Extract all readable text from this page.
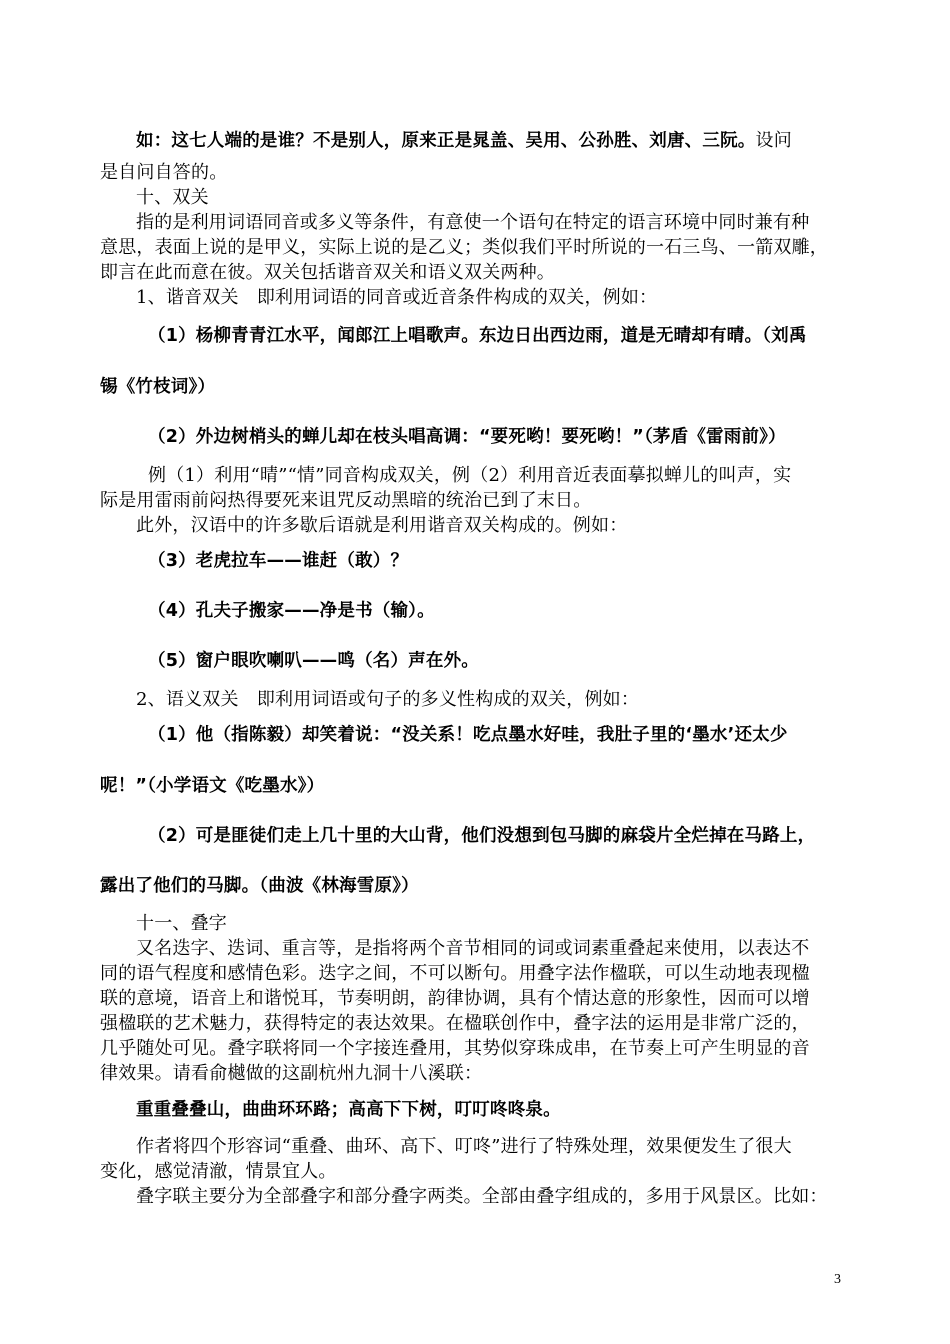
如：这七人端的是谁？不是别人，原来正是晁盖、吴用、公孙胜、刘唐、三阮。设问
是自问自答的。
十、双关
指的是利用词语同音或多义等条件，有意使一个语句在特定的语言环境中同时兼有种
意思，表面上说的是甲义，实际上说的是乙义；类似我们平时所说的一石三鸟、一箭双雕，
即言在此而意在彼。双关包括谐音双关和语义双关两种。
1、谐音双关　即利用词语的同音或近音条件构成的双关，例如：
（1）杨柳青青江水平，闻郎江上唱歌声。东边日出西边雨，道是无晴却有晴。（刘禹
锡《竹枝词》）
（2）外边树梢头的蝉儿却在枝头唱高调：“要死哟！要死哟！”（茅盾《雷雨前》）
例（1）利用“晴”“情”同音构成双关，例（2）利用音近表面摹拟蝉儿的叫声，实
际是用雷雨前闷热得要死来诅咒反动黑暗的统治已到了末日。
此外，汉语中的许多歇后语就是利用谐音双关构成的。例如：
（3）老虎拉车——谁赶（敢）？
（4）孔夫子搬家——净是书（输）。
（5）窗户眼吹喇叭——鸣（名）声在外。
2、语义双关　即利用词语或句子的多义性构成的双关，例如：
（1）他（指陈毅）却笑着说：“没关系！吃点墨水好哇，我肚子里的‘墨水’还太少
呢！”（小学语文《吃墨水》）
（2）可是匪徒们走上几十里的大山背，他们没想到包马脚的麻袋片全烂掉在马路上，
露出了他们的马脚。（曲波《林海雪原》）
十一、叠字
又名迭字、迭词、重言等，是指将两个音节相同的词或词素重叠起来使用，以表达不
同的语气程度和感情色彩。迭字之间，不可以断句。用叠字法作楹联，可以生动地表现楹
联的意境，语音上和谐悦耳，节奏明朗，韵律协调，具有个情达意的形象性，因而可以增
强楹联的艺术魅力，获得特定的表达效果。在楹联创作中，叠字法的运用是非常广泛的，
几乎随处可见。叠字联将同一个字接连叠用，其势似穿珠成串，在节奏上可产生明显的音
律效果。请看俞樾做的这副杭州九洞十八溪联：
重重叠叠山，曲曲环环路；高高下下树，叮叮咚咚泉。
作者将四个形容词“重叠、曲环、高下、叮咚”进行了特殊处理，效果便发生了很大
变化，感觉清澈，情景宜人。
叠字联主要分为全部叠字和部分叠字两类。全部由叠字组成的，多用于风景区。比如：
3
